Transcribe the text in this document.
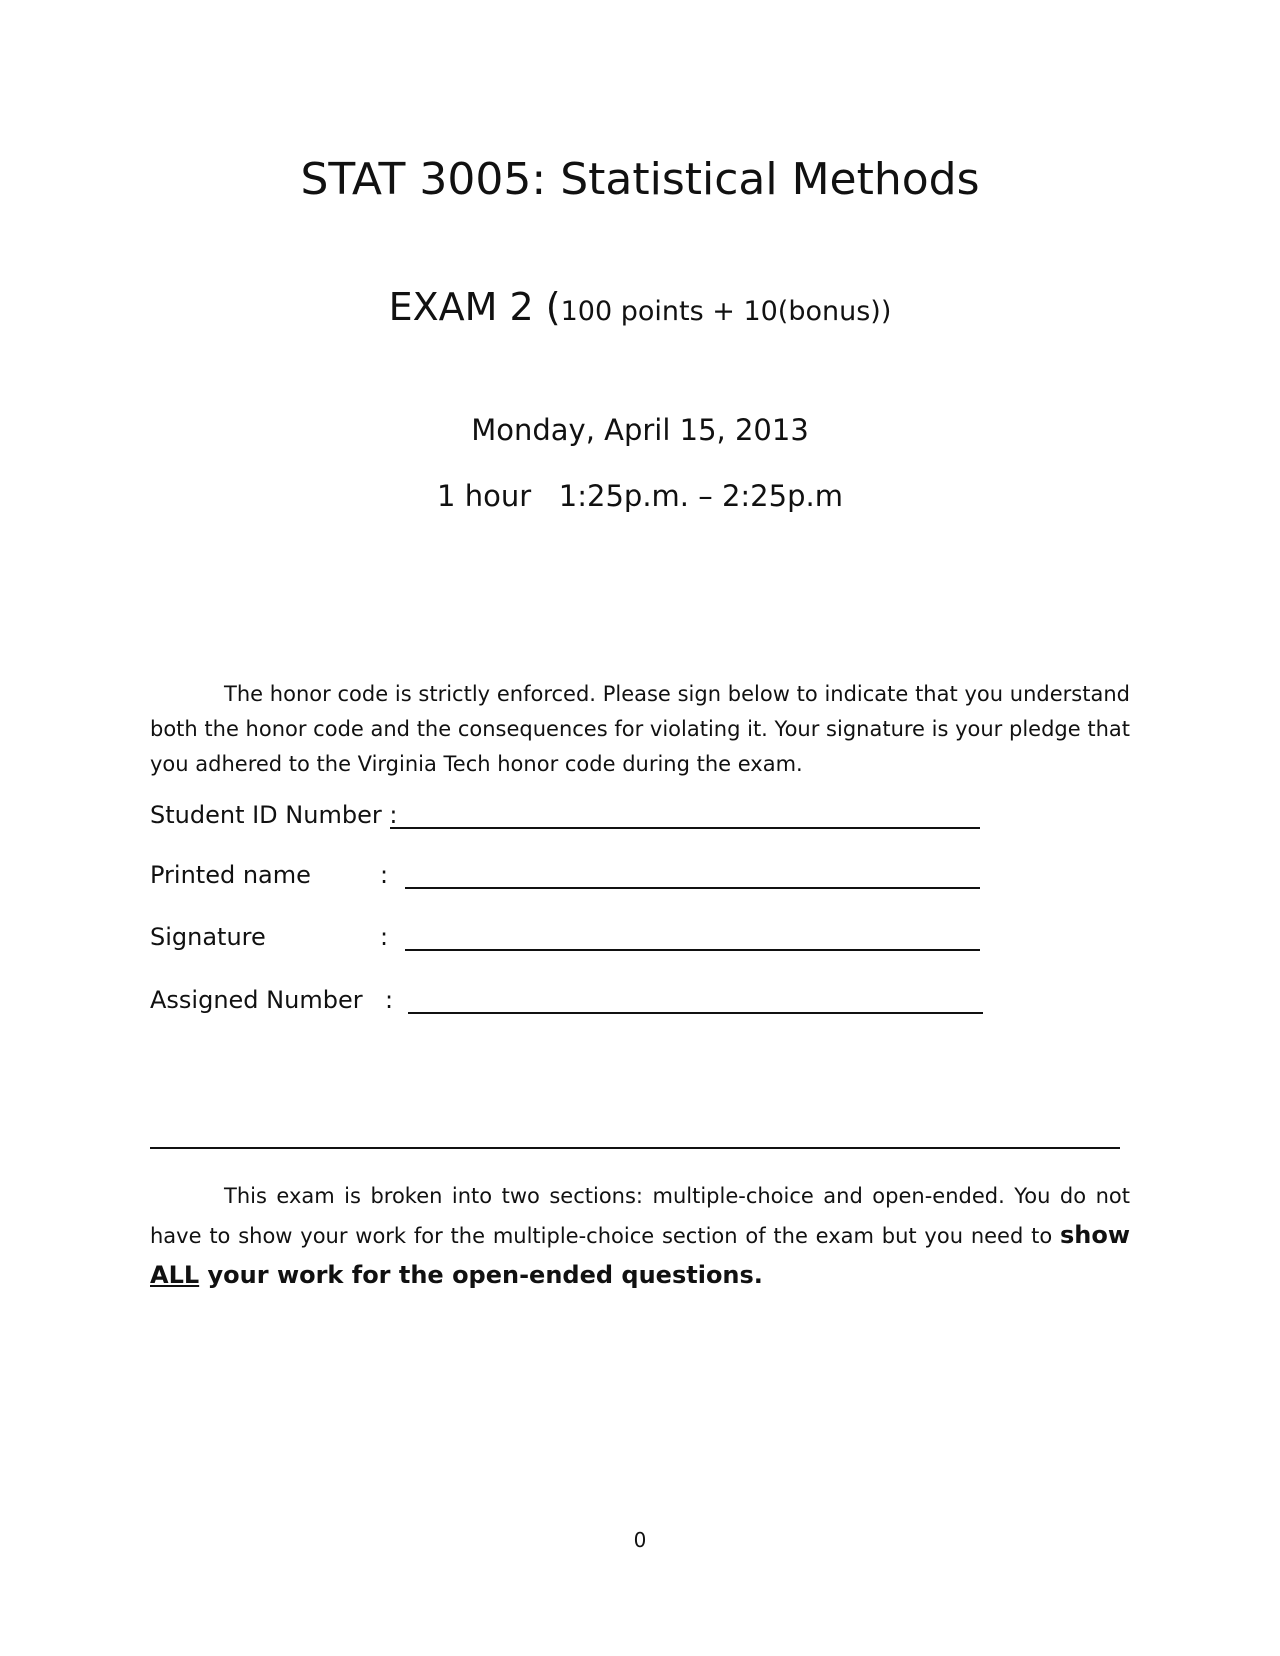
STAT 3005: Statistical Methods
EXAM 2 (100 points + 10(bonus))
Monday, April 15, 2013
1 hour   1:25p.m. – 2:25p.m
The honor code is strictly enforced. Please sign below to indicate that you understand both the honor code and the consequences for violating it. Your signature is your pledge that you adhered to the Virginia Tech honor code during the exam.
Student ID Number :
Printed name	:
Signature	:
Assigned Number :
This exam is broken into two sections: multiple-choice and open-ended. You do not have to show your work for the multiple-choice section of the exam but you need to show ALL your work for the open-ended questions.
0
